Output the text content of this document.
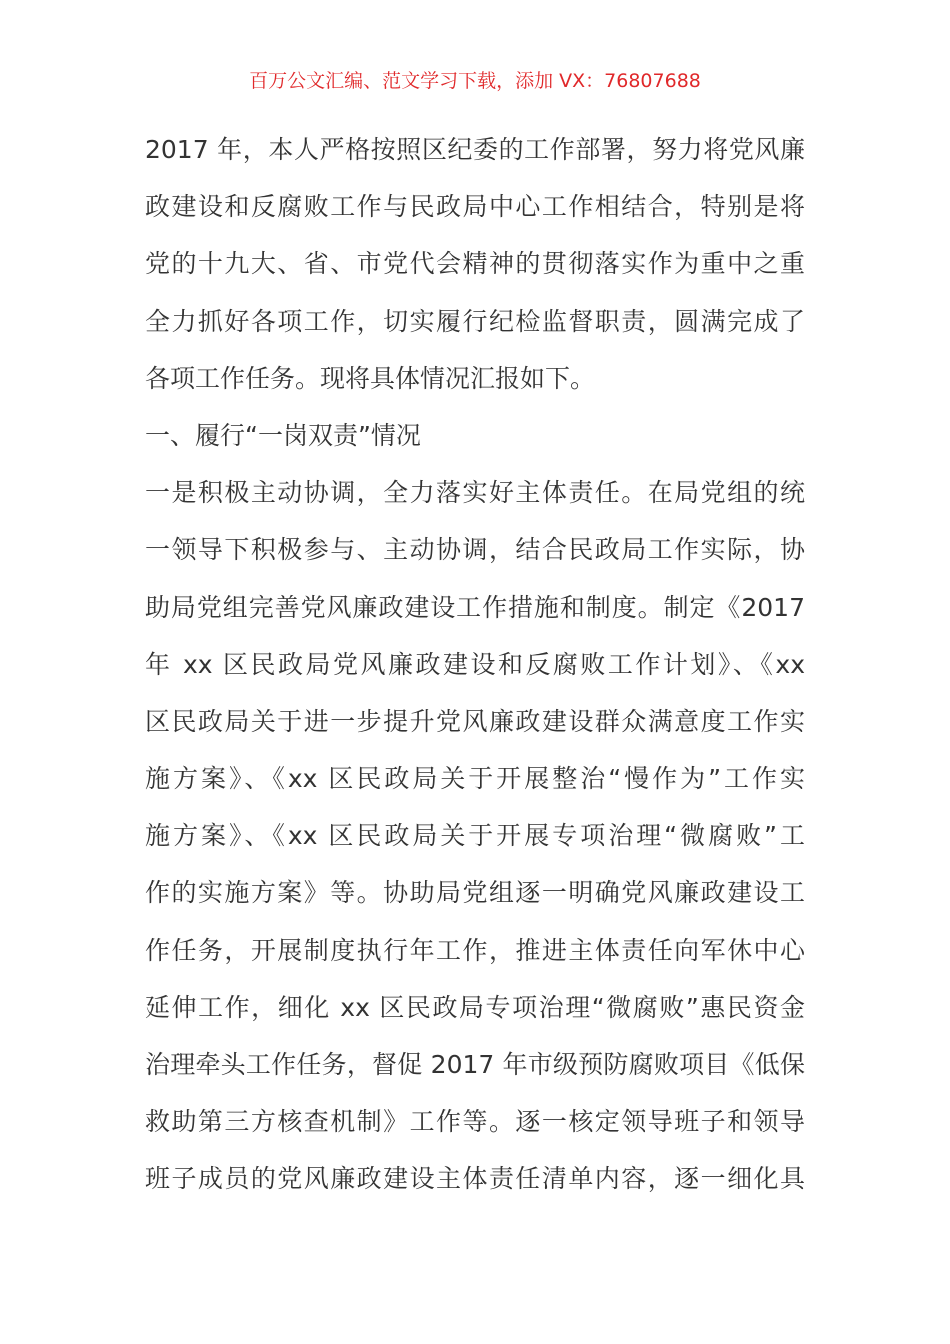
百万公文汇编、范文学习下载，添加 VX：76807688
2017 年，本人严格按照区纪委的工作部署，努力将党风廉
政建设和反腐败工作与民政局中心工作相结合，特别是将
党的十九大、省、市党代会精神的贯彻落实作为重中之重
全力抓好各项工作，切实履行纪检监督职责，圆满完成了
各项工作任务。现将具体情况汇报如下。
一、履行“一岗双责”情况
一是积极主动协调，全力落实好主体责任。在局党组的统
一领导下积极参与、主动协调，结合民政局工作实际，协
助局党组完善党风廉政建设工作措施和制度。制定《2017
年 xx 区民政局党风廉政建设和反腐败工作计划》、《xx
区民政局关于进一步提升党风廉政建设群众满意度工作实
施方案》、《xx 区民政局关于开展整治“慢作为”工作实
施方案》、《xx 区民政局关于开展专项治理“微腐败”工
作的实施方案》等。协助局党组逐一明确党风廉政建设工
作任务，开展制度执行年工作，推进主体责任向军休中心
延伸工作，细化 xx 区民政局专项治理“微腐败”惠民资金
治理牵头工作任务，督促 2017 年市级预防腐败项目《低保
救助第三方核查机制》工作等。逐一核定领导班子和领导
班子成员的党风廉政建设主体责任清单内容，逐一细化具
